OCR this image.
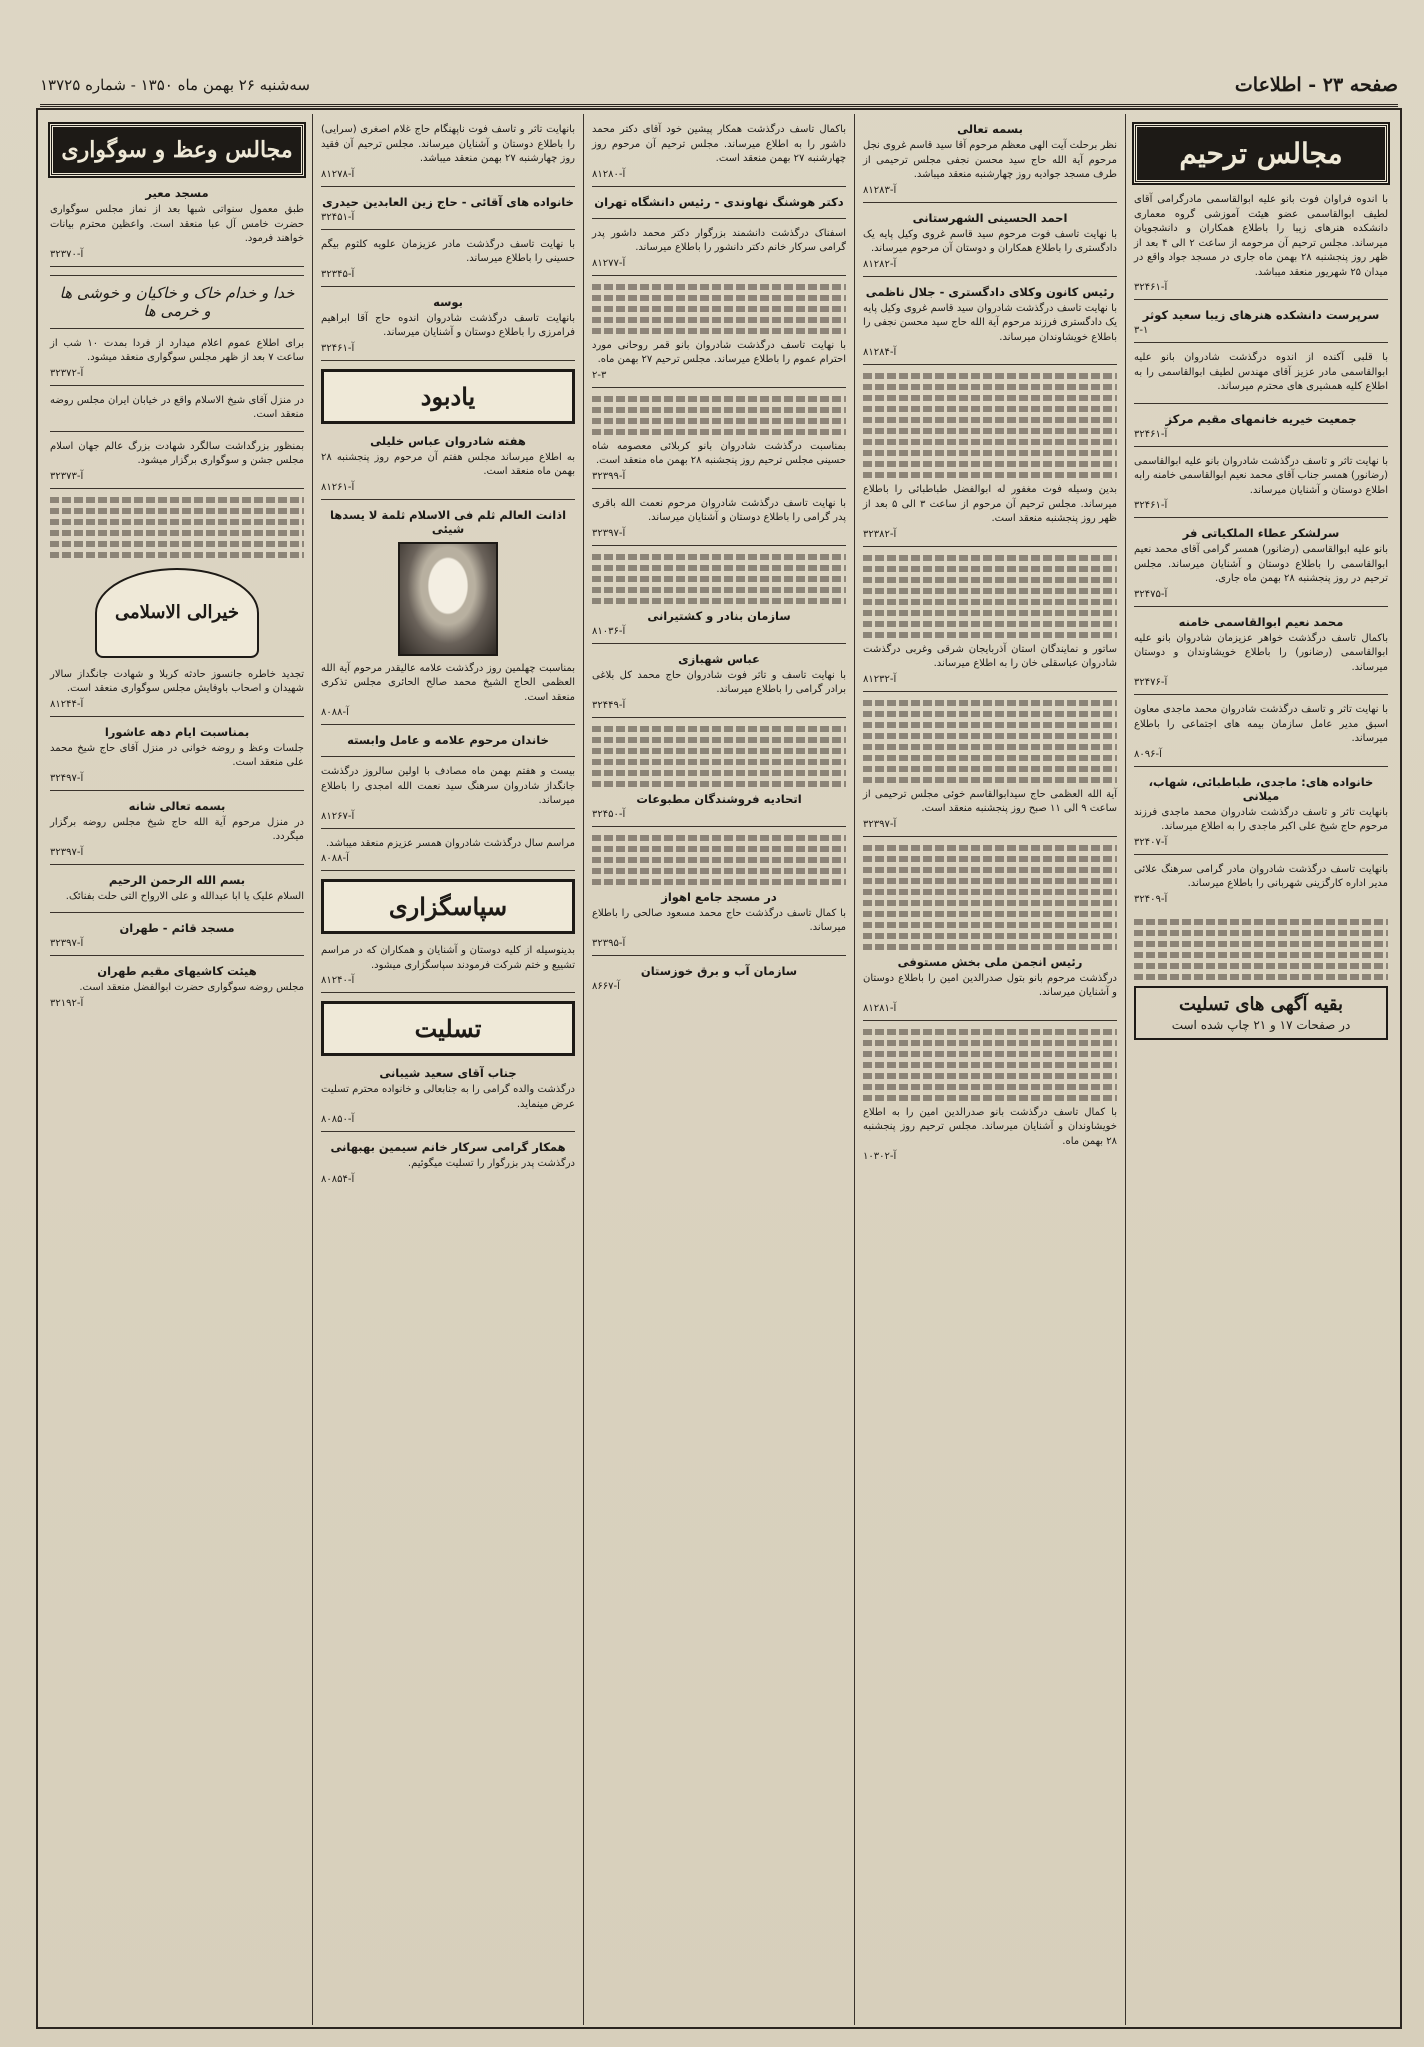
سه‌شنبه ۲۶ بهمن ماه ۱۳۵۰ - شماره ۱۳۷۲۵	صفحه ۲۳ - اطلاعات
مجالس ترحیم
با اندوه فراوان فوت بانو علیه ابوالقاسمی مادرگرامی آقای لطیف ابوالقاسمی عضو هیئت آموزشی گروه معماری دانشکده هنرهای زیبا را باطلاع همکاران و دانشجویان میرساند. مجلس ترحیم آن مرحومه از ساعت ۲ الی ۴ بعد از ظهر روز پنجشنبه ۲۸ بهمن ماه جاری در مسجد جواد واقع در میدان ۲۵ شهریور منعقد میباشد.
آ-۳۲۴۶۱
سرپرست دانشکده هنرهای زیبا سعید کوثر
۳-۱
با قلبی آکنده از اندوه درگذشت شادروان بانو علیه ابوالقاسمی مادر عزیز آقای مهندس لطیف ابوالقاسمی را به اطلاع کلیه همشیری های محترم میرساند.
جمعیت خیریه خانمهای مقیم مرکز
آ-۳۲۴۶۱
با نهایت تاثر و تاسف درگذشت شادروان بانو علیه ابوالقاسمی (رضانور) همسر جناب آقای محمد نعیم ابوالقاسمی خامنه رابه اطلاع دوستان و آشنایان میرساند.
آ-۳۲۴۶۱
سرلشکر عطاء الملکیاتی فر
بانو علیه ابوالقاسمی (رضانور) همسر گرامی آقای محمد نعیم ابوالقاسمی را باطلاع دوستان و آشنایان میرساند. مجلس ترحیم در روز پنجشنبه ۲۸ بهمن ماه جاری.
آ-۳۲۴۷۵
محمد نعیم ابوالقاسمی خامنه
باکمال تاسف درگذشت خواهر عزیزمان شادروان بانو علیه ابوالقاسمی (رضانور) را باطلاع خویشاوندان و دوستان میرساند.
آ-۳۲۴۷۶
با نهایت تاثر و تاسف درگذشت شادروان محمد ماجدی معاون اسبق مدیر عامل سازمان بیمه های اجتماعی را باطلاع میرساند.
آ-۸۰۹۶
خانواده های: ماجدی، طباطبائی، شهاب، میلانی
بانهایت تاثر و تاسف درگذشت شادروان محمد ماجدی فرزند مرحوم حاج شیخ علی اکبر ماجدی را به اطلاع میرساند.
آ-۳۲۴۰۷
بانهایت تاسف درگذشت شادروان مادر گرامی سرهنگ علائی مدیر اداره کارگزینی شهربانی را باطلاع میرساند.
آ-۳۲۴۰۹
بقیه آگهی های تسلیت
در صفحات ۱۷ و ۲۱ چاپ شده است
بسمه تعالی
نظر برحلت آیت الهی معظم مرحوم آقا سید قاسم غروی نجل مرحوم آیة الله حاج سید محسن نجفی مجلس ترحیمی از طرف مسجد جوادیه روز چهارشنبه منعقد میباشد.
آ-۸۱۲۸۳
احمد الحسینی الشهرستانی
با نهایت تاسف فوت مرحوم سید قاسم غروی وکیل پایه یک دادگستری را باطلاع همکاران و دوستان آن مرحوم میرساند.
آ-۸۱۲۸۲
رئیس کانون وکلای دادگستری - جلال ناظمی
با نهایت تاسف درگذشت شادروان سید قاسم غروی وکیل پایه یک دادگستری فرزند مرحوم آیة الله حاج سید محسن نجفی را باطلاع خویشاوندان میرساند.
آ-۸۱۲۸۴
بدین وسیله فوت مغفور له ابوالفضل طباطبائی را باطلاع میرساند. مجلس ترحیم آن مرحوم از ساعت ۳ الی ۵ بعد از ظهر روز پنجشنبه منعقد است.
آ-۳۲۳۸۲
ساتور و نمایندگان استان آذربایجان شرقی وغربی درگذشت شادروان عباسقلی خان را به اطلاع میرساند.
آ-۸۱۲۳۲
آیة الله العظمی حاج سیدابوالقاسم خوئی مجلس ترحیمی از ساعت ۹ الی ۱۱ صبح روز پنجشنبه منعقد است.
آ-۳۲۳۹۷
رئیس انجمن ملی بخش مستوفی
درگذشت مرحوم بانو بتول صدرالدین امین را باطلاع دوستان و آشنایان میرساند.
آ-۸۱۲۸۱
با کمال تاسف درگذشت بانو صدرالدین امین را به اطلاع خویشاوندان و آشنایان میرساند. مجلس ترحیم روز پنجشنبه ۲۸ بهمن ماه.
آ-۱۰۳۰۲
باکمال تاسف درگذشت همکار پیشین خود آقای دکتر محمد داشور را به اطلاع میرساند. مجلس ترحیم آن مرحوم روز چهارشنبه ۲۷ بهمن منعقد است.
آ-۸۱۲۸۰
دکتر هوشنگ نهاوندی - رئیس دانشگاه تهران
اسفناک درگذشت دانشمند بزرگوار دکتر محمد داشور پدر گرامی سرکار خانم دکتر دانشور را باطلاع میرساند.
آ-۸۱۲۷۷
با نهایت تاسف درگذشت شادروان بانو قمر روحانی مورد احترام عموم را باطلاع میرساند. مجلس ترحیم ۲۷ بهمن ماه.
۲-۳
بمناسبت درگذشت شادروان بانو کربلائی معصومه شاه حسینی مجلس ترحیم روز پنجشنبه ۲۸ بهمن ماه منعقد است.
آ-۳۲۳۹۹
با نهایت تاسف درگذشت شادروان مرحوم نعمت الله باقری پدر گرامی را باطلاع دوستان و آشنایان میرساند.
آ-۳۲۳۹۷
سازمان بنادر و کشتیرانی
آ-۸۱۰۳۶
عباس شهبازی
با نهایت تاسف و تاثر فوت شادروان حاج محمد کل بلاغی برادر گرامی را باطلاع میرساند.
آ-۳۲۴۴۹
اتحادیه فروشندگان مطبوعات
آ-۳۲۴۵۰
در مسجد جامع اهواز
با کمال تاسف درگذشت حاج محمد مسعود صالحی را باطلاع میرساند.
آ-۳۲۳۹۵
سازمان آب و برق خوزستان
آ-۸۶۶۷
بانهایت تاثر و تاسف فوت ناپهنگام حاج غلام اصغری (سرایی) را باطلاع دوستان و آشنایان میرساند. مجلس ترحیم آن فقید روز چهارشنبه ۲۷ بهمن منعقد میباشد.
آ-۸۱۲۷۸
خانواده های آقائی - حاج زین العابدین حیدری
آ-۳۲۴۵۱
با نهایت تاسف درگذشت مادر عزیزمان علویه کلثوم بیگم حسینی را باطلاع میرساند.
آ-۳۲۳۴۵
بوسه
بانهایت تاسف درگذشت شادروان اندوه حاج آقا ابراهیم فرامرزی را باطلاع دوستان و آشنایان میرساند.
آ-۳۲۴۶۱
یادبود
هفته شادروان عباس خلیلی
به اطلاع میرساند مجلس هفتم آن مرحوم روز پنجشنبه ۲۸ بهمن ماه منعقد است.
آ-۸۱۲۶۱
اذانت العالم ثلم فی الاسلام ثلمة لا یسدها شیئی
بمناسبت چهلمین روز درگذشت علامه عالیقدر مرحوم آیة الله العظمی الحاج الشیخ محمد صالح الحائری مجلس تذکری منعقد است.
آ-۸۰۸۸
خاندان مرحوم علامه و عامل وابسته
بیست و هفتم بهمن ماه مصادف با اولین سالروز درگذشت جانگداز شادروان سرهنگ سید نعمت الله امجدی را باطلاع میرساند.
آ-۸۱۲۶۷
مراسم سال درگذشت شادروان همسر عزیزم منعقد میباشد.
آ-۸۰۸۸
سپاسگزاری
بدینوسیله از کلیه دوستان و آشنایان و همکاران که در مراسم تشییع و ختم شرکت فرمودند سپاسگزاری میشود.
آ-۸۱۲۴۰
تسلیت
جناب آقای سعید شیبانی
درگذشت والده گرامی را به جنابعالی و خانواده محترم تسلیت عرض مینماید.
آ-۸۰۸۵۰
همکار گرامی سرکار خانم سیمین بهبهانی
درگذشت پدر بزرگوار را تسلیت میگوئیم.
آ-۸۰۸۵۴
مجالس وعظ و سوگواری
مسجد معیر
طبق معمول سنواتی شبها بعد از نماز مجلس سوگواری حضرت خامس آل عبا منعقد است. واعظین محترم بیانات خواهند فرمود.
آ-۳۲۳۷۰
خدا و خدام خاک و خاکیان و خوشی ها و خرمی ها
برای اطلاع عموم اعلام میدارد از فردا بمدت ۱۰ شب از ساعت ۷ بعد از ظهر مجلس سوگواری منعقد میشود.
آ-۳۲۳۷۲
در منزل آقای شیخ الاسلام واقع در خیابان ایران مجلس روضه منعقد است.
بمنظور بزرگداشت سالگرد شهادت بزرگ عالم جهان اسلام مجلس جشن و سوگواری برگزار میشود.
آ-۳۲۳۷۳
خیرالی الاسلامی
تجدید خاطره جانسوز حادثه کربلا و شهادت جانگداز سالار شهیدان و اصحاب باوفایش مجلس سوگواری منعقد است.
آ-۸۱۲۴۴
بمناسبت ایام دهه عاشورا
جلسات وعظ و روضه خوانی در منزل آقای حاج شیخ محمد علی منعقد است.
آ-۳۲۴۹۷
بسمه تعالی شانه
در منزل مرحوم آیة الله حاج شیخ مجلس روضه برگزار میگردد.
آ-۳۲۳۹۷
بسم الله الرحمن الرحیم
السلام علیک یا ابا عبدالله و علی الارواح التی حلت بفنائک.
مسجد قائم - طهران
آ-۳۲۳۹۷
هیئت کاشیهای مقیم طهران
مجلس روضه سوگواری حضرت ابوالفضل منعقد است.
آ-۳۲۱۹۲
